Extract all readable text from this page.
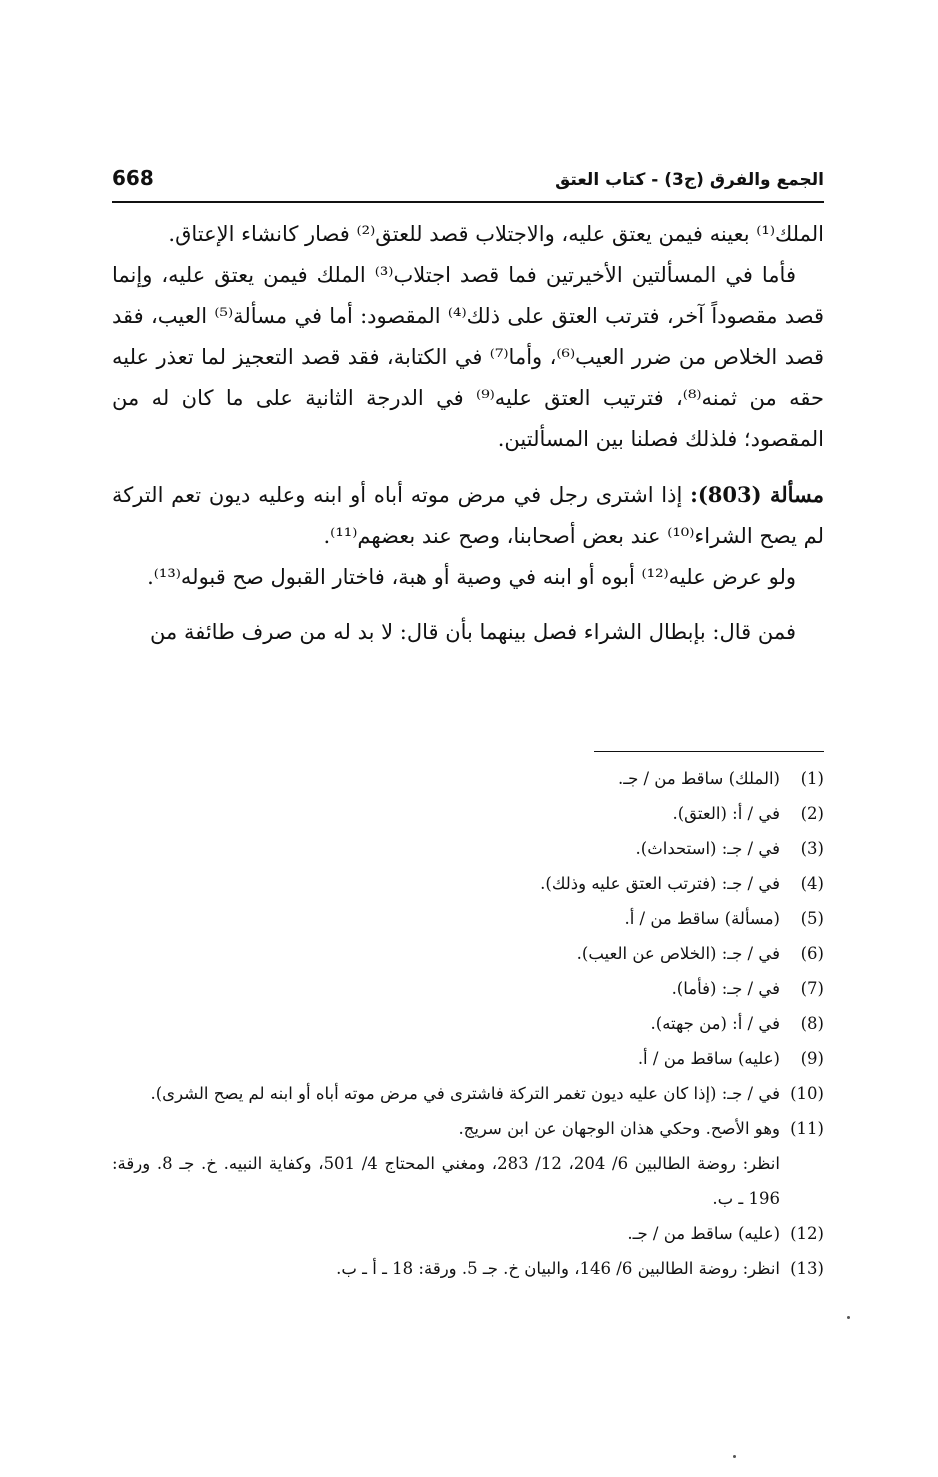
668	الجمع والفرق (ج3) - كتاب العتق

الملك⁽¹⁾ بعينه فيمن يعتق عليه، والاجتلاب قصد للعتق⁽²⁾ فصار كانشاء الإعتاق.

فأما في المسألتين الأخيرتين فما قصد اجتلاب⁽³⁾ الملك فيمن يعتق عليه، وإنما قصد مقصوداً آخر، فترتب العتق على ذلك⁽⁴⁾ المقصود: أما في مسألة⁽⁵⁾ العيب، فقد قصد الخلاص من ضرر العيب⁽⁶⁾، وأما⁽⁷⁾ في الكتابة، فقد قصد التعجيز لما تعذر عليه حقه من ثمنه⁽⁸⁾، فترتيب العتق عليه⁽⁹⁾ في الدرجة الثانية على ما كان له من المقصود؛ فلذلك فصلنا بين المسألتين.

مسألة (803): إذا اشترى رجل في مرض موته أباه أو ابنه وعليه ديون تعم التركة لم يصح الشراء⁽¹⁰⁾ عند بعض أصحابنا، وصح عند بعضهم⁽¹¹⁾.

ولو عرض عليه⁽¹²⁾ أبوه أو ابنه في وصية أو هبة، فاختار القبول صح قبوله⁽¹³⁾.

فمن قال: بإبطال الشراء فصل بينهما بأن قال: لا بد له من صرف طائفة من

(1)
(الملك) ساقط من / جـ.
(2)
في / أ: (العتق).
(3)
في / جـ: (استحداث).
(4)
في / جـ: (فترتب العتق عليه وذلك).
(5)
(مسألة) ساقط من / أ.
(6)
في / جـ: (الخلاص عن العيب).
(7)
في / جـ: (فأما).
(8)
في / أ: (من جهته).
(9)
(عليه) ساقط من / أ.
(10)
في / جـ: (إذا كان عليه ديون تغمر التركة فاشترى في مرض موته أباه أو ابنه لم يصح الشرى).
(11)
وهو الأصح. وحكي هذان الوجهان عن ابن سريج.
انظر: روضة الطالبين 6/ 204، 12/ 283، ومغني المحتاج 4/ 501، وكفاية النبيه. خ. جـ 8. ورقة: 196 ـ ب.
(12)
(عليه) ساقط من / جـ.
(13)
انظر: روضة الطالبين 6/ 146، والبيان خ. جـ 5. ورقة: 18 ـ أ ـ ب.
